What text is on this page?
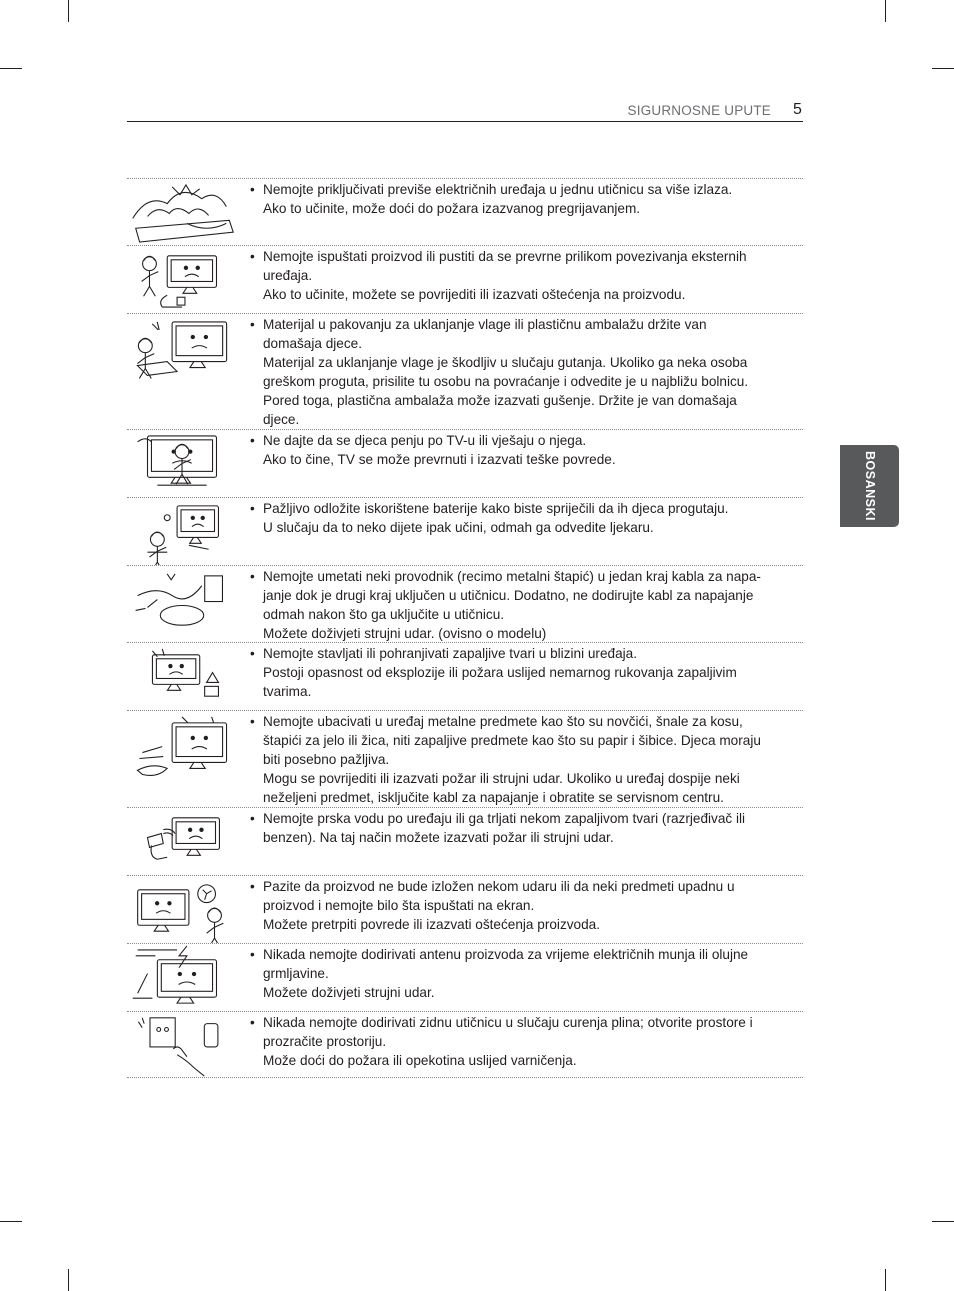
SIGURNOSNE UPUTE 5
BOSANSKI
• Nemojte priključivati previše električnih uređaja u jednu utičnicu sa više izlaza.
Ako to učinite, može doći do požara izazvanog pregrijavanjem.
• Nemojte ispuštati proizvod ili pustiti da se prevrne prilikom povezivanja eksternih
uređaja.
Ako to učinite, možete se povrijediti ili izazvati oštećenja na proizvodu.
• Materijal u pakovanju za uklanjanje vlage ili plastičnu ambalažu držite van
domašaja djece.
Materijal za uklanjanje vlage je škodljiv u slučaju gutanja. Ukoliko ga neka osoba
greškom proguta, prisilite tu osobu na povraćanje i odvedite je u najbližu bolnicu.
Pored toga, plastična ambalaža može izazvati gušenje. Držite je van domašaja
djece.
• Ne dajte da se djeca penju po TV-u ili vješaju o njega.
Ako to čine, TV se može prevrnuti i izazvati teške povrede.
• Pažljivo odložite iskorištene baterije kako biste spriječili da ih djeca progutaju.
U slučaju da to neko dijete ipak učini, odmah ga odvedite ljekaru.
• Nemojte umetati neki provodnik (recimo metalni štapić) u jedan kraj kabla za napa-
janje dok je drugi kraj uključen u utičnicu. Dodatno, ne dodirujte kabl za napajanje
odmah nakon što ga uključite u utičnicu.
Možete doživjeti strujni udar. (ovisno o modelu)
• Nemojte stavljati ili pohranjivati zapaljive tvari u blizini uređaja.
Postoji opasnost od eksplozije ili požara uslijed nemarnog rukovanja zapaljivim
tvarima.
• Nemojte ubacivati u uređaj metalne predmete kao što su novčići, šnale za kosu,
štapići za jelo ili žica, niti zapaljive predmete kao što su papir i šibice. Djeca moraju
biti posebno pažljiva.
Mogu se povrijediti ili izazvati požar ili strujni udar. Ukoliko u uređaj dospije neki
neželjeni predmet, isključite kabl za napajanje i obratite se servisnom centru.
• Nemojte prska vodu po uređaju ili ga trljati nekom zapaljivom tvari (razrjeđivač ili
benzen). Na taj način možete izazvati požar ili strujni udar.
• Pazite da proizvod ne bude izložen nekom udaru ili da neki predmeti upadnu u
proizvod i nemojte bilo šta ispuštati na ekran.
Možete pretrpiti povrede ili izazvati oštećenja proizvoda.
• Nikada nemojte dodirivati antenu proizvoda za vrijeme električnih munja ili olujne
grmljavine.
Možete doživjeti strujni udar.
• Nikada nemojte dodirivati zidnu utičnicu u slučaju curenja plina; otvorite prostore i
prozračite prostoriju.
Može doći do požara ili opekotina uslijed varničenja.
